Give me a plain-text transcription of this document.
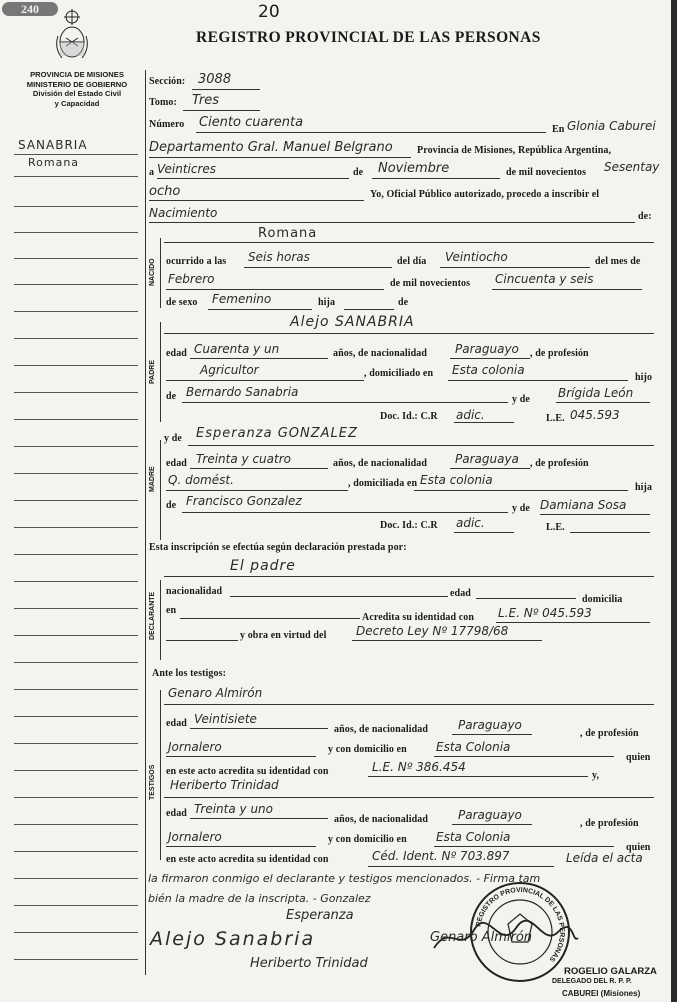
240	20
REGISTRO PROVINCIAL DE LAS PERSONAS
PROVINCIA DE MISIONES
MINISTERIO DE GOBIERNO
División del Estado Civil
y Capacidad
SANABRIA
Romana
Sección: 3088
Tomo: Tres
Número Ciento cuarenta	En Glonia Caburei
Departamento Gral. Manuel Belgrano Provincia de Misiones, República Argentina,
a Veinticres	de Noviembre	de mil novecientos Sesentay
ocho	Yo, Oficial Público autorizado, procedo a inscribir el
Nacimiento	de:
NACIDO
Romana
ocurrido a las Seis horas	del día Veintiocho	del mes de
Febrero	de mil novecientos Cincuenta y seis
de sexo Femenino	hija	de
PADRE
Alejo SANABRIA
edad Cuarenta y un	años, de nacionalidad Paraguayo , de profesión
Agricultor	, domiciliado en Esta colonia
hijo
de Bernardo Sanabria
y de Brígida León
Doc. Id.: C.R adic.	L.E. 045.593
MADRE
y de Esperanza GONZALEZ
edad Treinta y cuatro	años, de nacionalidad Paraguaya , de profesión
Q. domést.	, domiciliada en Esta colonia
hija
de Francisco Gonzalez
y de Damiana Sosa
Doc. Id.: C.R adic.	L.E.
Esta inscripción se efectúa según declaración prestada por:
DECLARANTE
El padre
nacionalidad	edad
domicilia
en
Acredita su identidad con L.E. Nº 045.593
y obra en virtud del Decreto Ley Nº 17798/68
Ante los testigos:
TESTIGOS
Genaro Almirón
edad Veintisiete
años, de nacionalidad Paraguayo
, de profesión
Jornalero	y con domicilio en Esta Colonia
quien
en este acto acredita su identidad con	L.E. Nº 386.454
y,
Heriberto Trinidad
edad Treinta y uno
años, de nacionalidad Paraguayo
, de profesión
Jornalero	y con domicilio en Esta Colonia
quien
en este acto acredita su identidad con	Céd. Ident. Nº 703.897	Leída el acta
la firmaron conmigo el declarante y testigos mencionados. - Firma tam
bién la madre de la inscripta. - Gonzalez
Esperanza
Alejo Sanabria	Genaro Almirón
Heriberto Trinidad
REGISTRO PROVINCIAL DE LAS PERSONAS
ROGELIO GALARZA
DELEGADO DEL R. P. P.
CABUREI (Misiones)
